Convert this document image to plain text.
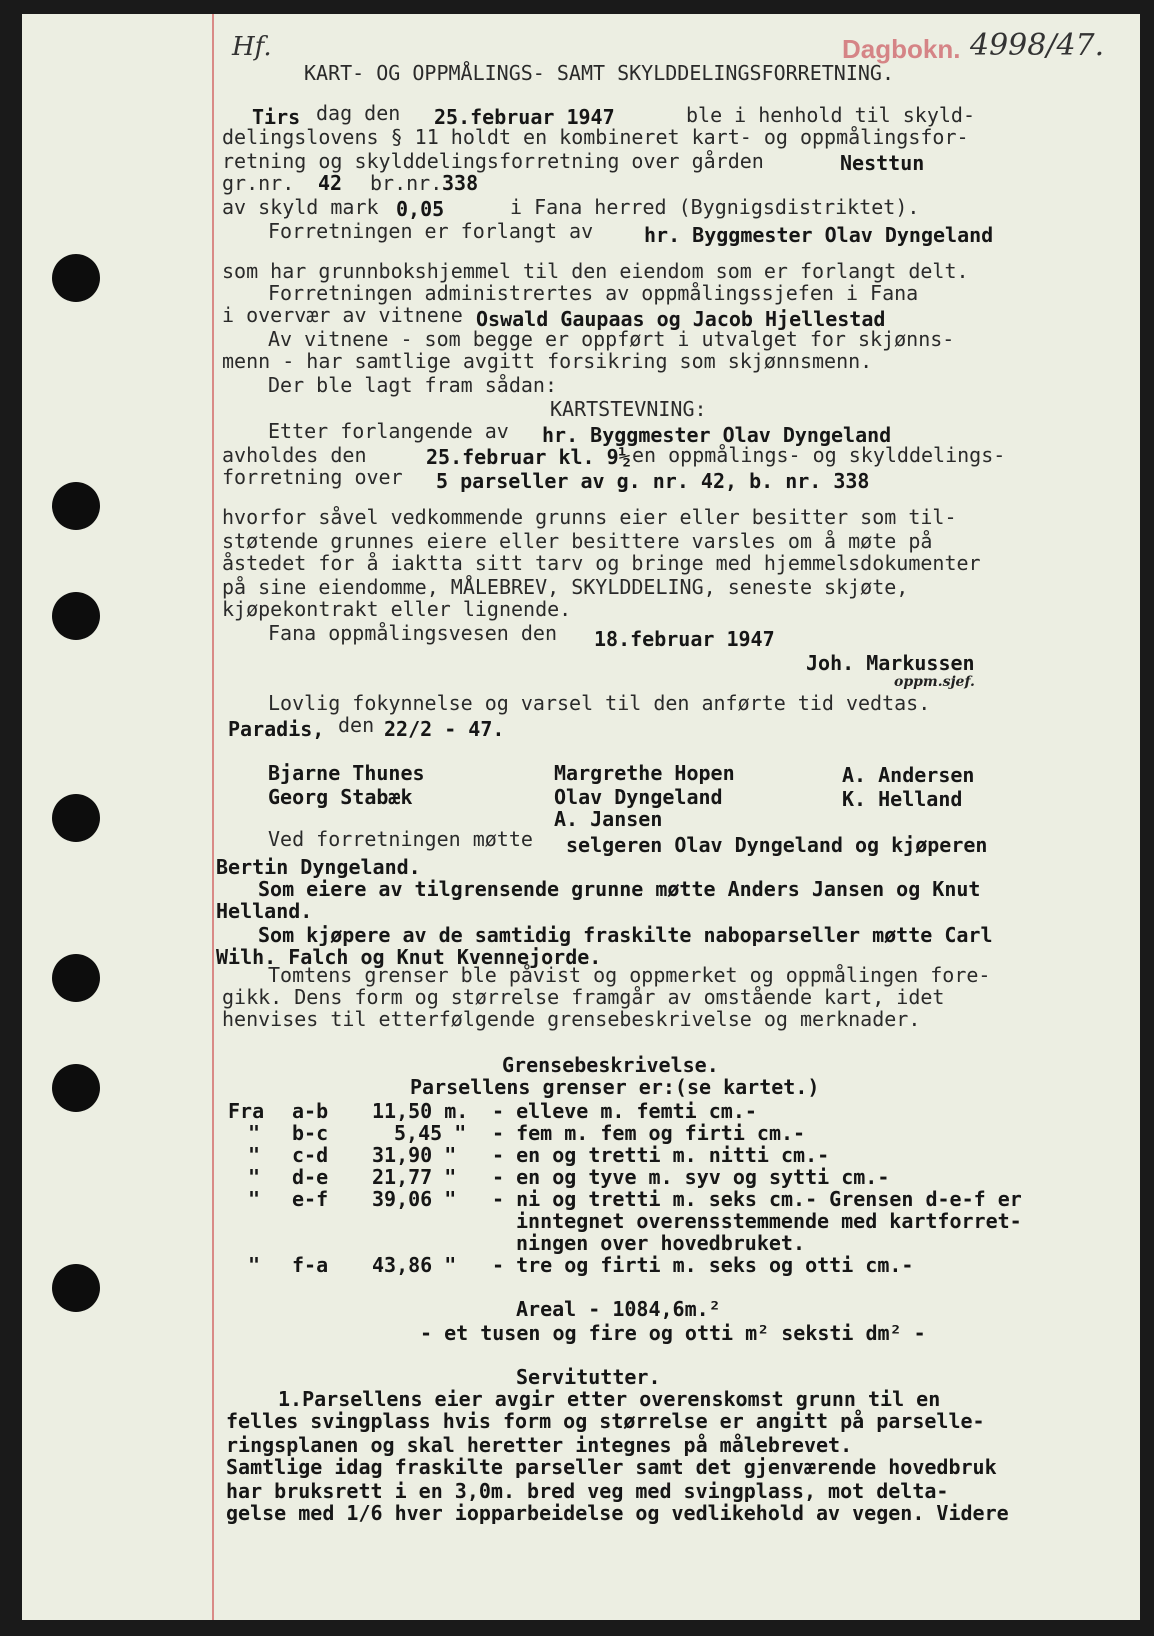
Hf.	Dagbokn. 4998/47.
KART- OG OPPMÅLINGS- SAMT SKYLDDELINGSFORRETNING.
Tirs dag den 25.februar 1947	ble i henhold til skyld-
delingslovens § 11 holdt en kombineret kart- og oppmålingsfor-
retning og skylddelingsforretning over gården	Nesttun
gr.nr. 42 br.nr. 338
av skyld mark 0,05	i Fana herred (Bygnigsdistriktet).
Forretningen er forlangt av	hr. Byggmester Olav Dyngeland
som har grunnbokshjemmel til den eiendom som er forlangt delt.
Forretningen administrertes av oppmålingssjefen i Fana
i overvær av vitnene Oswald Gaupaas og Jacob Hjellestad
Av vitnene - som begge er oppført i utvalget for skjønns-
menn - har samtlige avgitt forsikring som skjønnsmenn.
Der ble lagt fram sådan:
KARTSTEVNING:
Etter forlangende av hr. Byggmester Olav Dyngeland
avholdes den	25.februar kl. 9½ en oppmålings- og skylddelings-
forretning over 5 parseller av g. nr. 42, b. nr. 338
hvorfor såvel vedkommende grunns eier eller besitter som til-
støtende grunnes eiere eller besittere varsles om å møte på
åstedet for å iaktta sitt tarv og bringe med hjemmelsdokumenter
på sine eiendomme, MÅLEBREV, SKYLDDELING, seneste skjøte,
kjøpekontrakt eller lignende.
Fana oppmålingsvesen den 18.februar 1947
Joh. Markussen
oppm.sjef.
Lovlig fokynnelse og varsel til den anførte tid vedtas.
Paradis, den 22/2 - 47.
Bjarne Thunes
Georg Stabæk
Margrethe Hopen
Olav Dyngeland
A. Jansen
A. Andersen
K. Helland
Ved forretningen møtte selgeren Olav Dyngeland og kjøperen
Bertin Dyngeland.
Som eiere av tilgrensende grunne møtte Anders Jansen og Knut
Helland.
Som kjøpere av de samtidig fraskilte naboparseller møtte Carl
Wilh. Falch og Knut Kvennejorde.
Tomtens grenser ble påvist og oppmerket og oppmålingen fore-
gikk. Dens form og størrelse framgår av omstående kart, idet
henvises til etterfølgende grensebeskrivelse og merknader.
Grensebeskrivelse.
Parsellens grenser er:(se kartet.)
Fra a-b 11,50 m. - elleve m. femti cm.-
" b-c	5,45 " - fem m. fem og firti cm.-
" c-d 31,90 " - en og tretti m. nitti cm.-
" d-e 21,77 " - en og tyve m. syv og sytti cm.-
" e-f 39,06 " - ni og tretti m. seks cm.- Grensen d-e-f er
inntegnet overensstemmende med kartforret-
ningen over hovedbruket.
" f-a 43,86 " - tre og firti m. seks og otti cm.-
Areal - 1084,6m.²
- et tusen og fire og otti m² seksti dm² -
Servitutter.
1.Parsellens eier avgir etter overenskomst grunn til en
felles svingplass hvis form og størrelse er angitt på parselle-
ringsplanen og skal heretter integnes på målebrevet.
Samtlige idag fraskilte parseller samt det gjenværende hovedbruk
har bruksrett i en 3,0m. bred veg med svingplass, mot delta-
gelse med 1/6 hver iopparbeidelse og vedlikehold av vegen. Videre
